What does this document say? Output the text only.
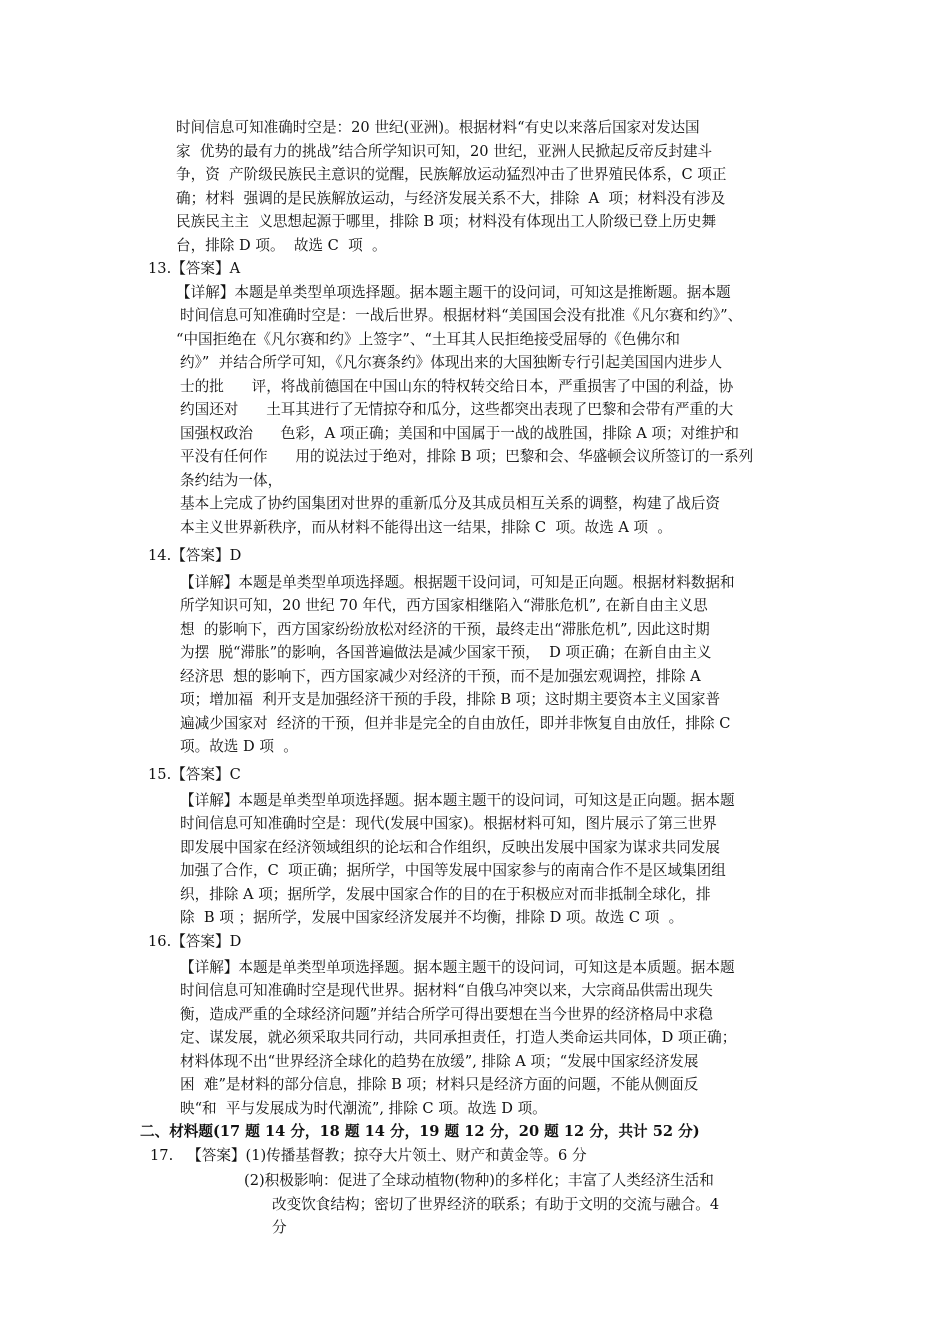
时间信息可知准确时空是：20 世纪(亚洲)。根据材料“有史以来落后国家对发达国
家  优势的最有力的挑战”结合所学知识可知，20 世纪，亚洲人民掀起反帝反封建斗
争，资  产阶级民族民主意识的觉醒，民族解放运动猛烈冲击了世界殖民体系，C 项正
确；材料  强调的是民族解放运动，与经济发展关系不大，排除  A  项；材料没有涉及
民族民主主  义思想起源于哪里，排除 B 项；材料没有体现出工人阶级已登上历史舞
台，排除 D 项。  故选 C  项  。
13.【答案】A
【详解】本题是单类型单项选择题。据本题主题干的设问词，可知这是推断题。据本题
时间信息可知准确时空是：一战后世界。根据材料“美国国会没有批准《凡尔赛和约》”、
“中国拒绝在《凡尔赛和约》上签字”、“土耳其人民拒绝接受屈辱的《色佛尔和
约》”  并结合所学可知，《凡尔赛条约》体现出来的大国独断专行引起美国国内进步人
士的批      评，将战前德国在中国山东的特权转交给日本，严重损害了中国的利益，协
约国还对      土耳其进行了无情掠夺和瓜分，这些都突出表现了巴黎和会带有严重的大
国强权政治      色彩，A 项正确；美国和中国属于一战的战胜国，排除 A 项；对维护和
平没有任何作      用的说法过于绝对，排除 B 项；巴黎和会、华盛顿会议所签订的一系列
条约结为一体，
基本上完成了协约国集团对世界的重新瓜分及其成员相互关系的调整，构建了战后资
本主义世界新秩序，而从材料不能得出这一结果，排除 C  项。故选 A 项  。
14.【答案】D
【详解】本题是单类型单项选择题。根据题干设问词，可知是正向题。根据材料数据和
所学知识可知，20 世纪 70 年代，西方国家相继陷入“滞胀危机”, 在新自由主义思
想  的影响下，西方国家纷纷放松对经济的干预，最终走出“滞胀危机”, 因此这时期
为摆  脱“滞胀”的影响，各国普遍做法是减少国家干预，  D 项正确；在新自由主义
经济思  想的影响下，西方国家减少对经济的干预，而不是加强宏观调控，排除 A
项；增加福  利开支是加强经济干预的手段，排除 B 项；这时期主要资本主义国家普
遍减少国家对  经济的干预，但并非是完全的自由放任，即并非恢复自由放任，排除 C
项。故选 D 项  。
15.【答案】C
【详解】本题是单类型单项选择题。据本题主题干的设问词，可知这是正向题。据本题
时间信息可知准确时空是：现代(发展中国家)。根据材料可知，图片展示了第三世界
即发展中国家在经济领域组织的论坛和合作组织，反映出发展中国家为谋求共同发展
加强了合作，C  项正确；据所学，中国等发展中国家参与的南南合作不是区域集团组
织，排除 A 项；据所学，发展中国家合作的目的在于积极应对而非抵制全球化，排
除  B 项 ；据所学，发展中国家经济发展并不均衡，排除 D 项。故选 C 项  。
16.【答案】D
【详解】本题是单类型单项选择题。据本题主题干的设问词，可知这是本质题。据本题
时间信息可知准确时空是现代世界。据材料“自俄乌冲突以来，大宗商品供需出现失
衡，造成严重的全球经济问题”并结合所学可得出要想在当今世界的经济格局中求稳
定、谋发展，就必须采取共同行动，共同承担责任，打造人类命运共同体，D 项正确；
材料体现不出“世界经济全球化的趋势在放缓”, 排除 A 项；“发展中国家经济发展
困  难”是材料的部分信息，排除 B 项；材料只是经济方面的问题，不能从侧面反
映“和  平与发展成为时代潮流”, 排除 C 项。故选 D 项。
二、材料题(17 题 14 分，18 题 14 分，19 题 12 分，20 题 12 分，共计 52 分)
17.   【答案】(1)传播基督教；掠夺大片领土、财产和黄金等。6 分
(2)积极影响：促进了全球动植物(物种)的多样化；丰富了人类经济生活和
改变饮食结构；密切了世界经济的联系；有助于文明的交流与融合。4
分
